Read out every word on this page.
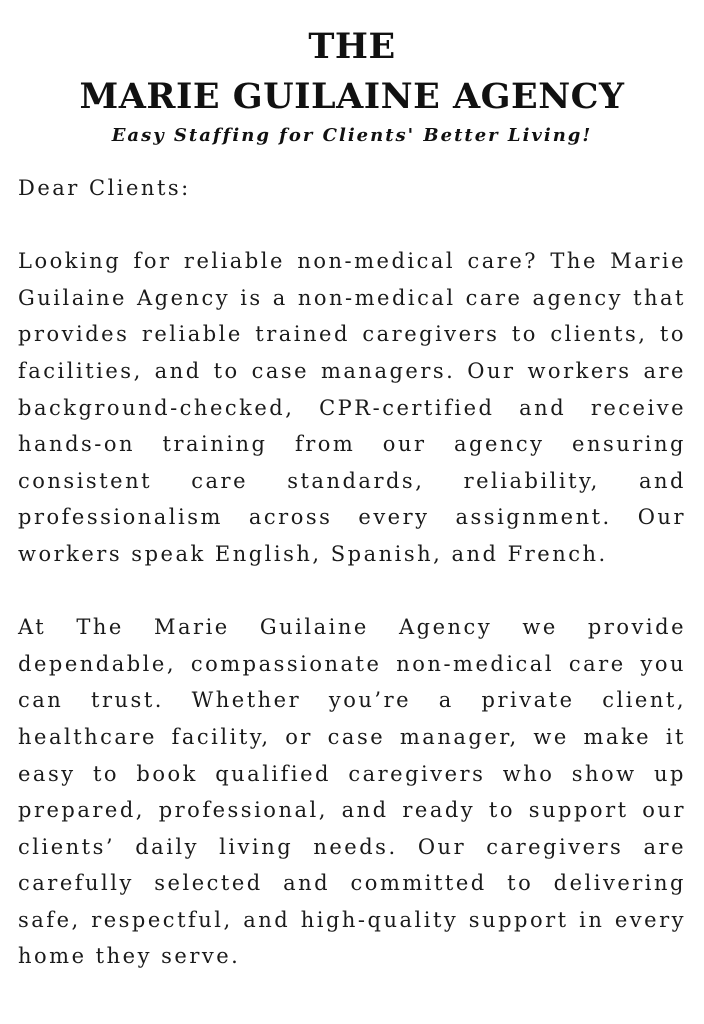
THE
MARIE GUILAINE AGENCY
Easy Staffing for Clients' Better Living!

Dear Clients:

Looking for reliable non-medical care? The Marie Guilaine Agency is a non-medical care agency that provides reliable trained caregivers to clients, to facilities, and to case managers. Our workers are background-checked, CPR-certified and receive hands-on training from our agency ensuring consistent care standards, reliability, and professionalism across every assignment. Our workers speak English, Spanish, and French.

At The Marie Guilaine Agency we provide dependable, compassionate non-medical care you can trust. Whether you’re a private client, healthcare facility, or case manager, we make it easy to book qualified caregivers who show up prepared, professional, and ready to support our clients’ daily living needs. Our caregivers are carefully selected and committed to delivering safe, respectful, and high-quality support in every home they serve.
